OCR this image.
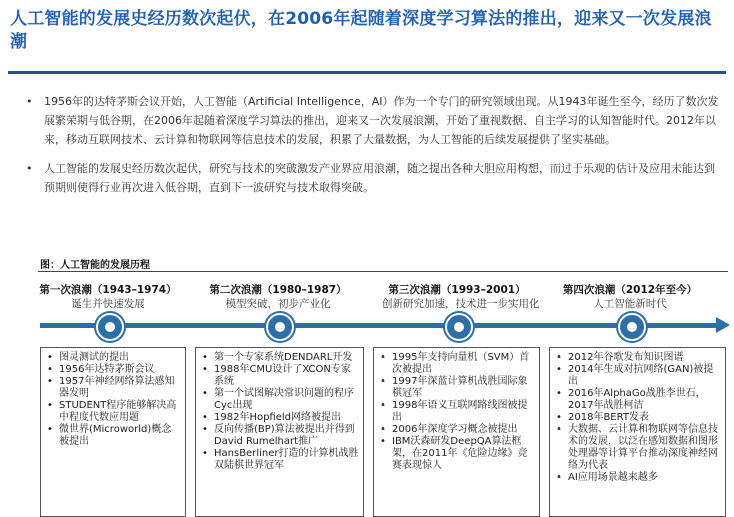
人工智能的发展史经历数次起伏，在2006年起随着深度学习算法的推出，迎来又一次发展浪潮
• 1956年的达特茅斯会议开始，人工智能（Artificial Intelligence，AI）作为一个专门的研究领域出现。从1943年诞生至今，经历了数次发展繁荣期与低谷期，在2006年起随着深度学习算法的推出，迎来又一次发展浪潮，开始了重视数据、自主学习的认知智能时代。2012年以来，移动互联网技术、云计算和物联网等信息技术的发展，积累了大量数据，为人工智能的后续发展提供了坚实基础。
• 人工智能的发展史经历数次起伏，研究与技术的突破激发产业界应用浪潮，随之提出各种大胆应用构想，而过于乐观的估计及应用未能达到预期则使得行业再次进入低谷期，直到下一波研究与技术取得突破。
图：人工智能的发展历程
第一次浪潮（1943–1974）
诞生并快速发展
第二次浪潮（1980–1987）
模型突破，初步产业化
第三次浪潮（1993–2001）
创新研究加速，技术进一步实用化
第四次浪潮（2012年至今）
人工智能新时代
• 图灵测试的提出
• 1956年达特茅斯会议
• 1957年神经网络算法感知器发明
• STUDENT程序能够解决高中程度代数应用题
• 微世界(Microworld)概念被提出
• 第一个专家系统DENDARL开发
• 1988年CMU设计了XCON专家系统
• 第一个试图解决常识问题的程序Cyc出现
• 1982年Hopfield网络被提出
• 反向传播(BP)算法被提出并得到David Rumelhart推广
• HansBerliner打造的计算机战胜双陆棋世界冠军
• 1995年支持向量机（SVM）首次被提出
• 1997年深蓝计算机战胜国际象棋冠军
• 1998年语义互联网路线图被提出
• 2006年深度学习概念被提出
• IBM沃森研发DeepQA算法框架，在2011年《危险边缘》竞赛表现惊人
• 2012年谷歌发布知识图谱
• 2014年生成对抗网络(GAN)被提出
• 2016年AlphaGo战胜李世石，2017年战胜柯洁
• 2018年BERT发表
• 大数据、云计算和物联网等信息技术的发展，以泛在感知数据和图形处理器等计算平台推动深度神经网络为代表
• AI应用场景越来越多
